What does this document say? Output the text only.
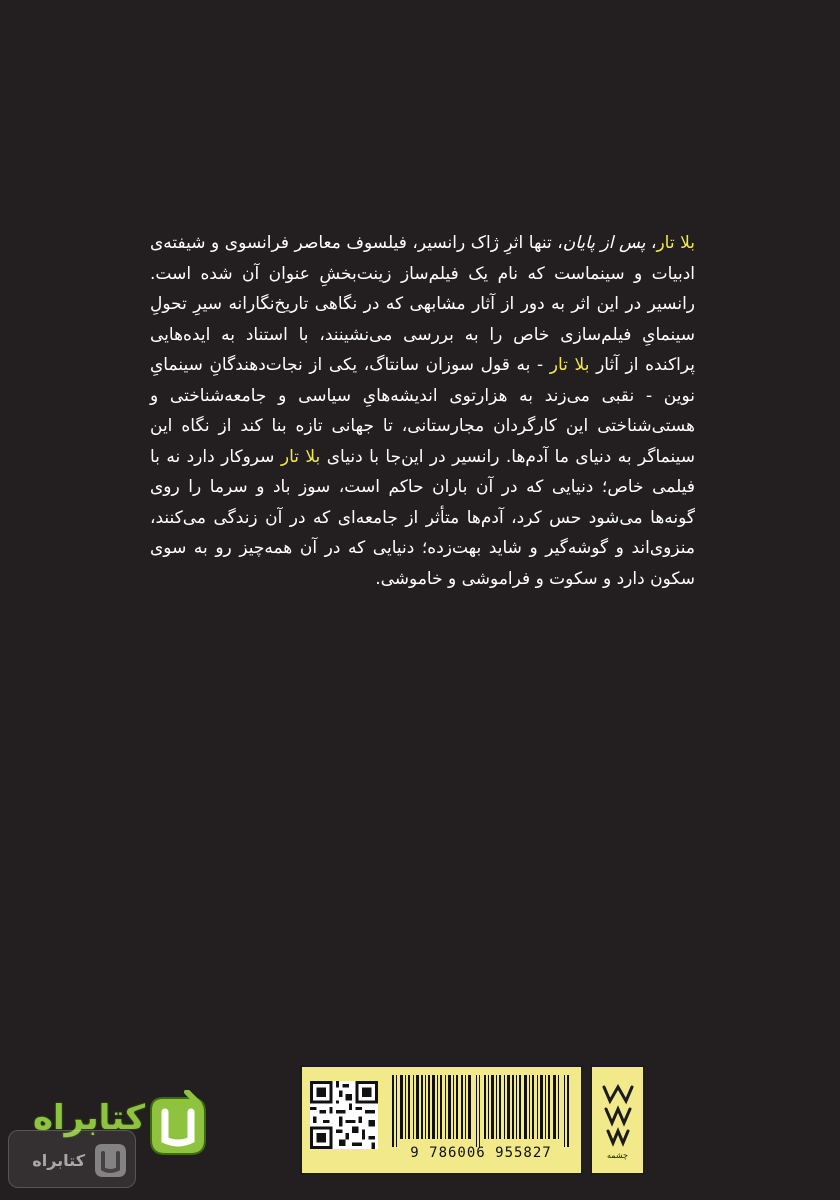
بلا تار، پس از پایان، تنها اثرِ ژاک رانسیر، فیلسوف معاصر فرانسوی و شیفته‌ی ادبیات و سینماست که نام یک فیلم‌ساز زینت‌بخشِ عنوان آن شده است. رانسیر در این اثر به دور از آثار مشابهی که در نگاهی تاریخ‌نگارانه سیرِ تحولِ سینمایِ فیلم‌سازی خاص را به بررسی می‌نشینند، با استناد به ایده‌هایی پراکنده از آثار بلا تار - به قول سوزان سانتاگ، یکی از نجات‌دهندگانِ سینمایِ نوین - نقبی می‌زند به هزارتوی اندیشه‌هایِ سیاسی و جامعه‌شناختی و هستی‌شناختی این کارگردان مجارستانی، تا جهانی تازه بنا کند از نگاه این سینماگر به دنیای ما آدم‌ها. رانسیر در این‌جا با دنیای بلا تار سروکار دارد نه با فیلمی خاص؛ دنیایی که در آن باران حاکم است، سوز باد و سرما را روی گونه‌ها می‌شود حس کرد، آدم‌ها متأثر از جامعه‌ای که در آن زندگی می‌کنند، منزوی‌اند و گوشه‌گیر و شاید بهت‌زده؛ دنیایی که در آن همه‌چیز رو به سوی سکون دارد و سکوت و فراموشی و خاموشی.
9 786006 955827	چشمه
کتابراه
کتابراه
